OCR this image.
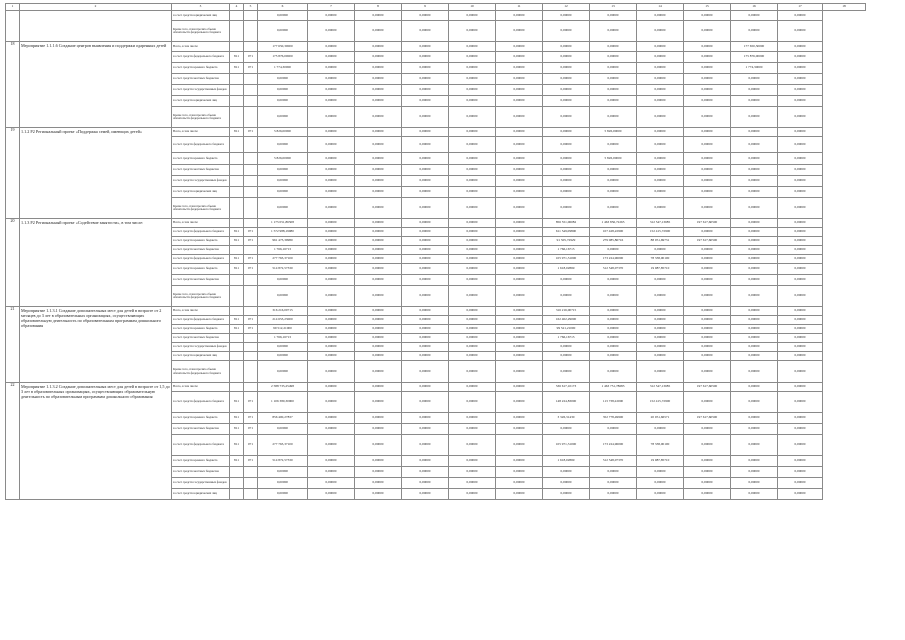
1	2	3	4	5	6	7	8	9	10	11	12	13	14	15	16	17	18
		за счет средств юридических лиц			0,00000	0,00000	0,00000	0,00000	0,00000	0,00000	0,00000	0,00000	0,00000	0,00000	0,00000	0,00000	
		Кроме того, план прочих объема обязательств федерального бюджета			0,00000	0,00000	0,00000	0,00000	0,00000	0,00000	0,00000	0,00000	0,00000	0,00000	0,00000	0,00000	
18	Мероприятие 1.1.1.6 Создание центров выявления и поддержки одаренных детей	Всего, в том числе:			177 650,30000	0,00000	0,00000	0,00000	0,00000	0,00000	0,00000	0,00000	0,00000	0,00000	177 650,30000	0,00000	
		за счет средств федерального бюджета	811	071	175 876,00000	0,00000	0,00000	0,00000	0,00000	0,00000	0,00000	0,00000	0,00000	0,00000	175 876,00000	0,00000	
		за счет средств краевого бюджета	811	071	1 774,30000	0,00000	0,00000	0,00000	0,00000	0,00000	0,00000	0,00000	0,00000	0,00000	1 774,30000	0,00000	
		за счет средств местных бюджетов			0,00000	0,00000	0,00000	0,00000	0,00000	0,00000	0,00000	0,00000	0,00000	0,00000	0,00000	0,00000	
		за счет средств государственных фондов			0,00000	0,00000	0,00000	0,00000	0,00000	0,00000	0,00000	0,00000	0,00000	0,00000	0,00000	0,00000	
		за счет средств юридических лиц			0,00000	0,00000	0,00000	0,00000	0,00000	0,00000	0,00000	0,00000	0,00000	0,00000	0,00000	0,00000	
		Кроме того, план прочих объема обязательств федерального бюджета			0,00000	0,00000	0,00000	0,00000	0,00000	0,00000	0,00000	0,00000	0,00000	0,00000	0,00000	0,00000	
19	1.1.2 Р2 Региональный проект «Поддержка семей, имеющих детей»	Всего, в том числе:	811	071	5 826,00000	0,00000	0,00000	0,00000	0,00000	0,00000	0,00000	5 826,00000	0,00000	0,00000	0,00000	0,00000	
		за счет средств федерального бюджета			0,00000	0,00000	0,00000	0,00000	0,00000	0,00000	0,00000	0,00000	0,00000	0,00000	0,00000	0,00000	
		за счет средств краевого бюджета			5 826,00000	0,00000	0,00000	0,00000	0,00000	0,00000	0,00000	5 826,00000	0,00000	0,00000	0,00000	0,00000	
		за счет средств местных бюджетов			0,00000	0,00000	0,00000	0,00000	0,00000	0,00000	0,00000	0,00000	0,00000	0,00000	0,00000	0,00000	
		за счет средств государственных фондов			0,00000	0,00000	0,00000	0,00000	0,00000	0,00000	0,00000	0,00000	0,00000	0,00000	0,00000	0,00000	
		за счет средств юридических лиц			0,00000	0,00000	0,00000	0,00000	0,00000	0,00000	0,00000	0,00000	0,00000	0,00000	0,00000	0,00000	
		Кроме того, план прочих объема обязательств федерального бюджета			0,00000	0,00000	0,00000	0,00000	0,00000	0,00000	0,00000	0,00000	0,00000	0,00000	0,00000	0,00000	
20	1.1.3 Р2 Региональный проект «Содействие занятости», в том числе:	Всего, в том числе:			1 175 051,86508	0,00000	0,00000	0,00000	0,00000	0,00000	856 551,06082	1 463 856,72265	312 547,13685	197 617,60500	0,00000	0,00000	
		за счет средств федерального бюджета	811	071	1 572 988,19980	0,00000	0,00000	0,00000	0,00000	0,00000	611 549,09800	107 428,22900	152 415,72900	0,00000	0,00000	0,00000	
		за счет средств краевого бюджета	811	071	961 473,39980	0,00000	0,00000	0,00000	0,00000	0,00000	91 505,72929	279 085,86716	88 051,69731	197 617,60500	0,00000	0,00000	
		за счет средств местных бюджетов			1 766,16713	0,00000	0,00000	0,00000	0,00000	0,00000	1 766,16713	0,00000	0,00000	0,00000	0,00000	0,00000	
		за счет средств федерального бюджета	811	071	277 763,37100	0,00000	0,00000	0,00000	0,00000	0,00000	105 971,31000	173 224,96000	78 338,00100	0,00000	0,00000	0,00000	
		за счет средств краевого бюджета	811	071	514 872,57330	0,00000	0,00000	0,00000	0,00000	0,00000	1 618,02869	512 548,07370	19 987,85710	0,00000	0,00000	0,00000	
		за счет средств местных бюджетов			0,00000	0,00000	0,00000	0,00000	0,00000	0,00000	0,00000	0,00000	0,00000	0,00000	0,00000	0,00000	
		Кроме того, план прочих объема обязательств федерального бюджета			0,00000	0,00000	0,00000	0,00000	0,00000	0,00000	0,00000	0,00000	0,00000	0,00000	0,00000	0,00000	
21	Мероприятие 1.1.3.1 Создание дополнительных мест для детей в возрасте от 2 месяцев до 3 лет в образовательных организациях, осуществляющих образовательную деятельность по образовательным программам дошкольного образования	Всего, в том числе:			316 216,00715	0,00000	0,00000	0,00000	0,00000	0,00000	316 216,00715	0,00000	0,00000	0,00000	0,00000	0,00000	
		за счет средств федерального бюджета	811	071	214 653,23000	0,00000	0,00000	0,00000	0,00000	0,00000	162 402,29000	0,00000	0,00000	0,00000	0,00000	0,00000	
		за счет средств краевого бюджета	811	071	99 512,21000	0,00000	0,00000	0,00000	0,00000	0,00000	99 521,21000	0,00000	0,00000	0,00000	0,00000	0,00000	
		за счет средств местных бюджетов			1 766,16713	0,00000	0,00000	0,00000	0,00000	0,00000	1 766,16713	0,00000	0,00000	0,00000	0,00000	0,00000	
		за счет средств государственных фондов			0,00000	0,00000	0,00000	0,00000	0,00000	0,00000	0,00000	0,00000	0,00000	0,00000	0,00000	0,00000	
		за счет средств юридических лиц			0,00000	0,00000	0,00000	0,00000	0,00000	0,00000	0,00000	0,00000	0,00000	0,00000	0,00000	0,00000	
		Кроме того, план прочих объема обязательств федерального бюджета			0,00000	0,00000	0,00000	0,00000	0,00000	0,00000	0,00000	0,00000	0,00000	0,00000	0,00000	0,00000	
22	Мероприятие 1.1.3.2 Создание дополнительных мест для детей в возрасте от 1,5 до 3 лет в образовательных организациях, осуществляющих образовательную деятельность по образовательным программам дошкольного образования	Всего, в том числе:			2 588 735,25498	0,00000	0,00000	0,00000	0,00000	0,00000	536 617,10173	1 463 751,78683	312 547,13685	197 617,60500	0,00000	0,00000	
		за счет средств федерального бюджета	811	071	1 106 380,30900	0,00000	0,00000	0,00000	0,00000	0,00000	148 224,83000	113 738,22000	152 415,72900	0,00000	0,00000	0,00000	
		за счет средств краевого бюджета	811	071	856 400,27837	0,00000	0,00000	0,00000	0,00000	0,00000	3 326,31430	352 778,49900	20 051,66571	197 617,60500	0,00000	0,00000	
		за счет средств местных бюджетов	811	071	0,00000	0,00000	0,00000	0,00000	0,00000	0,00000	0,00000	0,00000	0,00000	0,00000	0,00000	0,00000	
		за счет средств федерального бюджета	811	071	277 763,37100	0,00000	0,00000	0,00000	0,00000	0,00000	105 971,31000	173 224,96000	78 338,00100	0,00000	0,00000	0,00000	
		за счет средств краевого бюджета	811	071	514 872,57330	0,00000	0,00000	0,00000	0,00000	0,00000	1 618,02869	512 548,07370	19 987,85710	0,00000	0,00000	0,00000	
		за счет средств местных бюджетов			0,00000	0,00000	0,00000	0,00000	0,00000	0,00000	0,00000	0,00000	0,00000	0,00000	0,00000	0,00000	
		за счет средств государственных фондов			0,00000	0,00000	0,00000	0,00000	0,00000	0,00000	0,00000	0,00000	0,00000	0,00000	0,00000	0,00000	
		за счет средств юридических лиц			0,00000	0,00000	0,00000	0,00000	0,00000	0,00000	0,00000	0,00000	0,00000	0,00000	0,00000	0,00000	
